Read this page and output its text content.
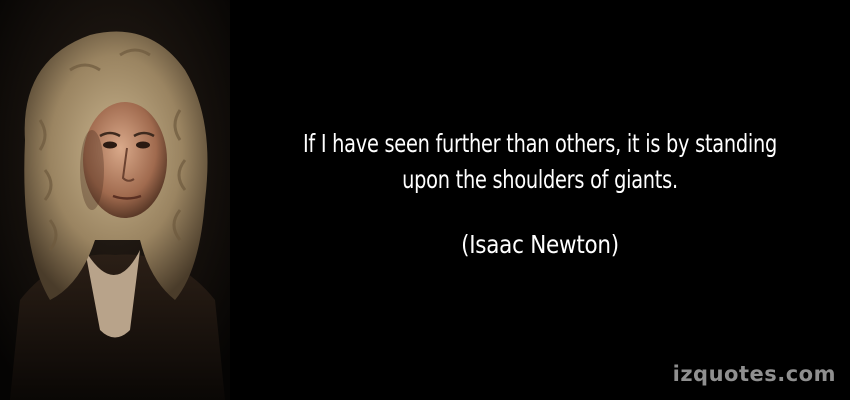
If I have seen further than others, it is by standing

upon the shoulders of giants.

(Isaac Newton)
izquotes.com
